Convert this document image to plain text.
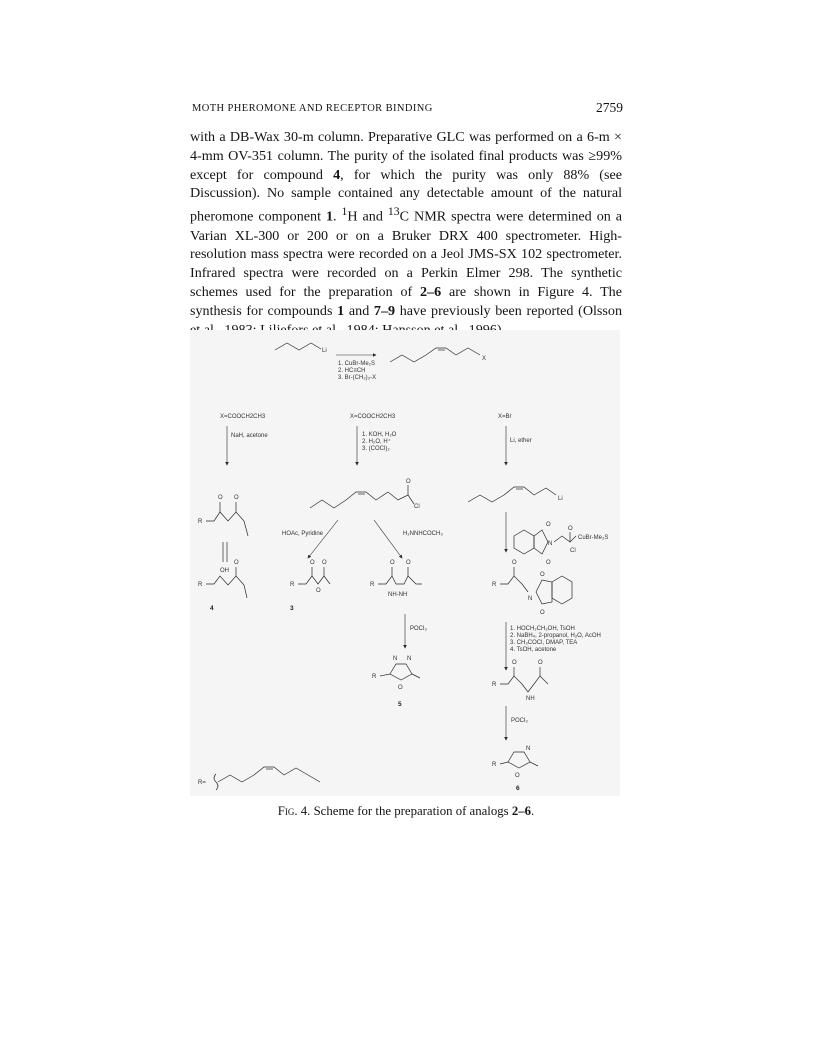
MOTH PHEROMONE AND RECEPTOR BINDING	2759

with a DB-Wax 30-m column. Preparative GLC was performed on a 6-m × 4-mm OV-351 column. The purity of the isolated final products was ≥99% except for compound 4, for which the purity was only 88% (see Discussion). No sample contained any detectable amount of the natural pheromone component 1. $^1$H and $^{13}$C NMR spectra were determined on a Varian XL-300 or 200 or on a Bruker DRX 400 spectrometer. High-resolution mass spectra were recorded on a Jeol JMS-SX 102 spectrometer. Infrared spectra were recorded on a Perkin Elmer 298. The synthetic schemes used for the preparation of 2–6 are shown in Figure 4. The synthesis for compounds 1 and 7–9 have previously been reported (Olsson

Li
1. CuBr-Me₂S
2. HC≡CH
3. Br-(CH₂)₃-X
X
X=COOCH2CH3	X=COOCH2CH3	X=Br
NaH, acetone	1. KOH, H₂O
2. H₂O, H⁺
3. (COCl)₂
Li, ether
O
Cl
Li
R
O O
OH
R
O
4
HOAc, Pyridine	H₂NNHCOCH₃
R
O
O
O
3
R
O O
NH-NH
POCl₃
R
N N
O
5
O
O
N
O
Cl
CuBr-Me₂S
R
O
N
O
O
1. HOCH₂CH₂OH, TsOH
2. NaBH₄, 2-propanol, H₂O, AcOH
3. CH₃COCl, DMAP, TEA
4. TsOH, acetone
R
O	O
NH
POCl₃
R
N
O
6
R=
Fig. 4. Scheme for the preparation of analogs 2–6.
